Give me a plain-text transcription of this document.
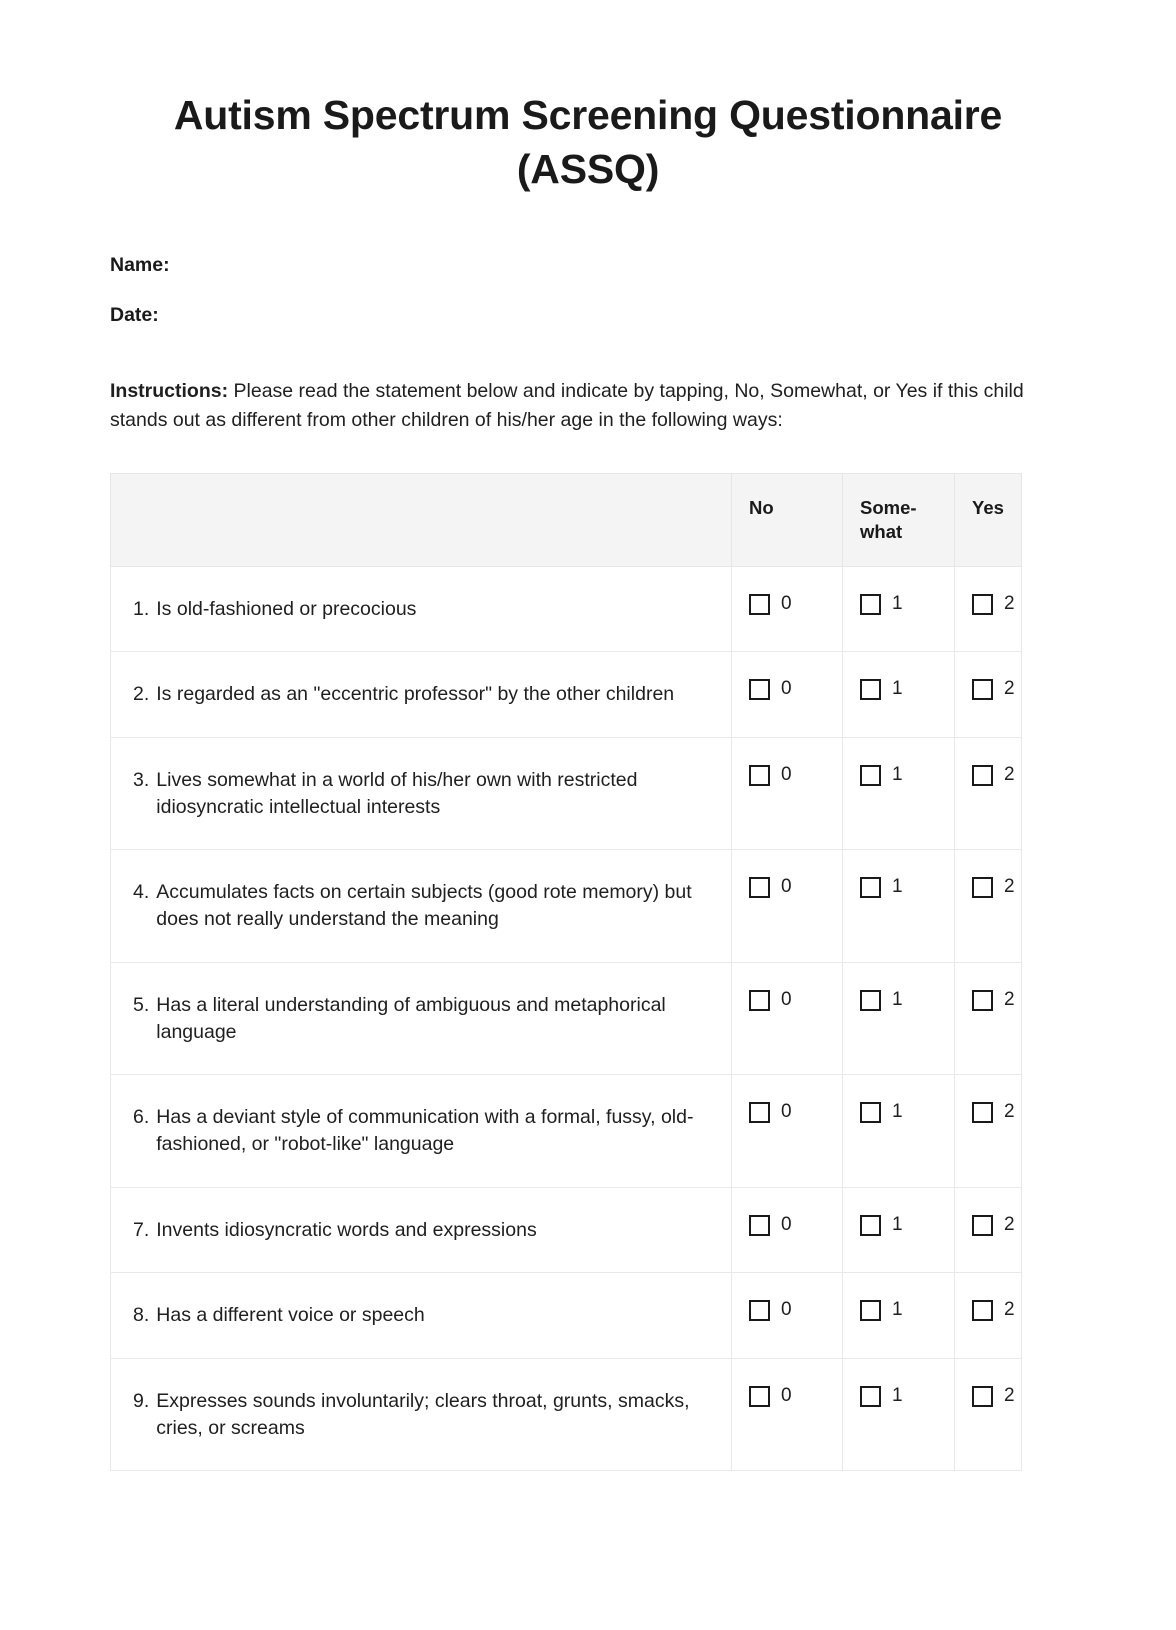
Autism Spectrum Screening Questionnaire (ASSQ)
Name:
Date:

Instructions: Please read the statement below and indicate by tapping, No, Somewhat, or Yes if this child stands out as different from other children of his/her age in the following ways:

	No	Some-what	Yes

1. Is old-fashioned or precocious	0	1	2

2. Is regarded as an "eccentric professor" by the other children	0	1	2

3. Lives somewhat in a world of his/her own with restricted idiosyncratic intellectual interests	0	1	2

4. Accumulates facts on certain subjects (good rote memory) but does not really understand the meaning	0	1	2

5. Has a literal understanding of ambiguous and metaphorical language	0	1	2

6. Has a deviant style of communication with a formal, fussy, old-fashioned, or "robot-like" language	0	1	2

7. Invents idiosyncratic words and expressions	0	1	2

8. Has a different voice or speech	0	1	2

9. Expresses sounds involuntarily; clears throat, grunts, smacks, cries, or screams	0	1	2
